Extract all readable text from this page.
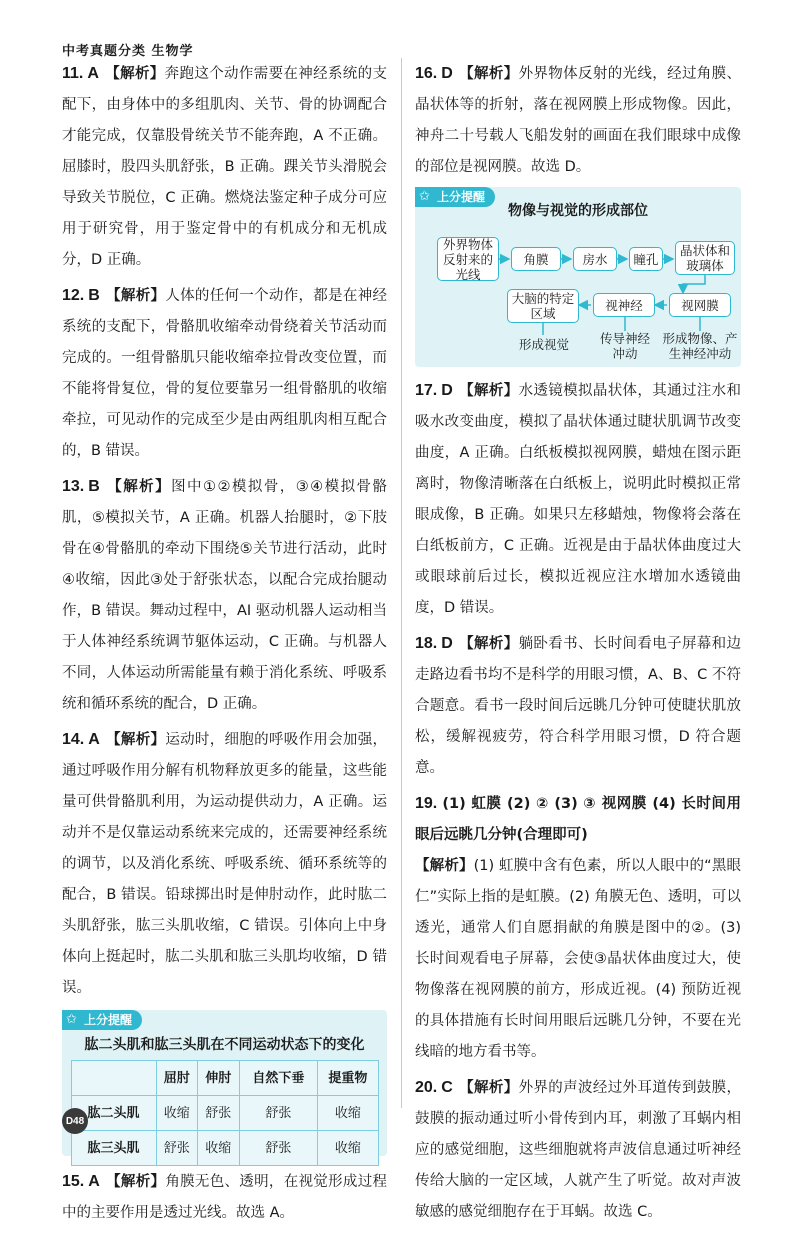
中考真题分类 生物学
11. A 【解析】奔跑这个动作需要在神经系统的支配下，由身体中的多组肌肉、关节、骨的协调配合才能完成，仅靠股骨统关节不能奔跑，A 不正确。屈膝时，股四头肌舒张，B 正确。踝关节头滑脱会导致关节脱位，C 正确。燃烧法鉴定种子成分可应用于研究骨，用于鉴定骨中的有机成分和无机成分，D 正确。
12. B 【解析】人体的任何一个动作，都是在神经系统的支配下，骨骼肌收缩牵动骨绕着关节活动而完成的。一组骨骼肌只能收缩牵拉骨改变位置，而不能将骨复位，骨的复位要靠另一组骨骼肌的收缩牵拉，可见动作的完成至少是由两组肌肉相互配合的，B 错误。
13. B 【解析】图中①②模拟骨，③④模拟骨骼肌，⑤模拟关节，A 正确。机器人抬腿时，②下肢骨在④骨骼肌的牵动下围绕⑤关节进行活动，此时④收缩，因此③处于舒张状态，以配合完成抬腿动作，B 错误。舞动过程中，AI 驱动机器人运动相当于人体神经系统调节躯体运动，C 正确。与机器人不同，人体运动所需能量有赖于消化系统、呼吸系统和循环系统的配合，D 正确。
14. A 【解析】运动时，细胞的呼吸作用会加强，通过呼吸作用分解有机物释放更多的能量，这些能量可供骨骼肌利用，为运动提供动力，A 正确。运动并不是仅靠运动系统来完成的，还需要神经系统的调节，以及消化系统、呼吸系统、循环系统等的配合，B 错误。铅球掷出时是伸肘动作，此时肱二头肌舒张，肱三头肌收缩，C 错误。引体向上中身体向上挺起时，肱二头肌和肱三头肌均收缩，D 错误。
✩ 上分提醒
肱二头肌和肱三头肌在不同运动状态下的变化
	屈肘	伸肘	自然下垂	提重物
肱二头肌	收缩	舒张	舒张	收缩
肱三头肌	舒张	收缩	舒张	收缩
15. A 【解析】角膜无色、透明，在视觉形成过程中的主要作用是透过光线。故选 A。
16. D 【解析】外界物体反射的光线，经过角膜、晶状体等的折射，落在视网膜上形成物像。因此，神舟二十号载人飞船发射的画面在我们眼球中成像的部位是视网膜。故选 D。
✩ 上分提醒
物像与视觉的形成部位
外界物体反射来的光线
角膜	房水	瞳孔
晶状体和玻璃体
视网膜
视神经
大脑的特定区域
形成视觉	传导神经冲动
形成物像、产生神经冲动
17. D 【解析】水透镜模拟晶状体，其通过注水和吸水改变曲度，模拟了晶状体通过睫状肌调节改变曲度，A 正确。白纸板模拟视网膜，蜡烛在图示距离时，物像清晰落在白纸板上，说明此时模拟正常眼成像，B 正确。如果只左移蜡烛，物像将会落在白纸板前方，C 正确。近视是由于晶状体曲度过大或眼球前后过长，模拟近视应注水增加水透镜曲度，D 错误。
18. D 【解析】躺卧看书、长时间看电子屏幕和边走路边看书均不是科学的用眼习惯，A、B、C 不符合题意。看书一段时间后远眺几分钟可使睫状肌放松，缓解视疲劳，符合科学用眼习惯，D 符合题意。
19. (1) 虹膜 (2) ② (3) ③ 视网膜 (4) 长时间用眼后远眺几分钟(合理即可)
【解析】(1) 虹膜中含有色素，所以人眼中的“黑眼仁”实际上指的是虹膜。(2) 角膜无色、透明，可以透光，通常人们自愿捐献的角膜是图中的②。(3) 长时间观看电子屏幕，会使③晶状体曲度过大，使物像落在视网膜的前方，形成近视。(4) 预防近视的具体措施有长时间用眼后远眺几分钟，不要在光线暗的地方看书等。
20. C 【解析】外界的声波经过外耳道传到鼓膜，鼓膜的振动通过听小骨传到内耳，刺激了耳蜗内相应的感觉细胞，这些细胞就将声波信息通过听神经传给大脑的一定区域，人就产生了听觉。故对声波敏感的感觉细胞存在于耳蜗。故选 C。
D48
